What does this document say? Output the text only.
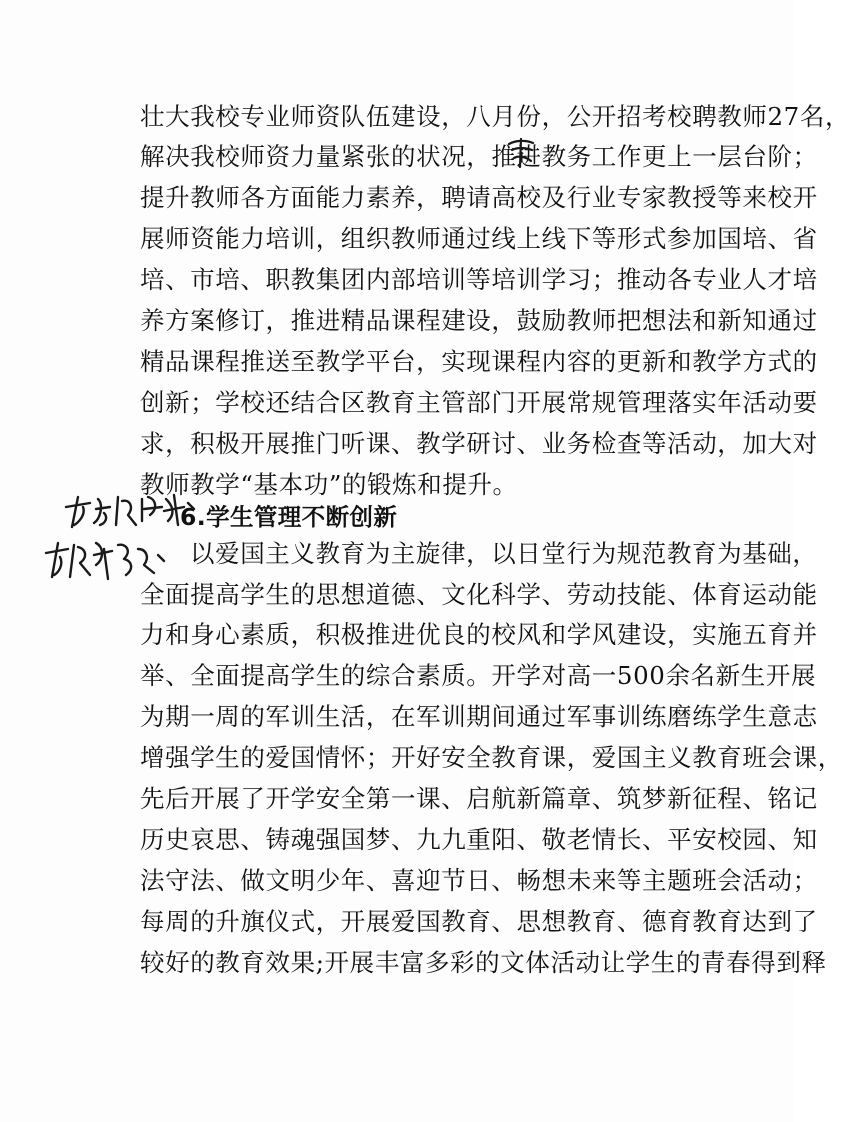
壮大我校专业师资队伍建设，八月份，公开招考校聘教师27名，
解决我校师资力量紧张的状况，推进教务工作更上一层台阶；
提升教师各方面能力素养，聘请高校及行业专家教授等来校开
展师资能力培训，组织教师通过线上线下等形式参加国培、省
培、市培、职教集团内部培训等培训学习；推动各专业人才培
养方案修订，推进精品课程建设，鼓励教师把想法和新知通过
精品课程推送至教学平台，实现课程内容的更新和教学方式的
创新；学校还结合区教育主管部门开展常规管理落实年活动要
求，积极开展推门听课、教学研讨、业务检查等活动，加大对
教师教学“基本功”的锻炼和提升。
6.学生管理不断创新
以爱国主义教育为主旋律，以日堂行为规范教育为基础，
全面提高学生的思想道德、文化科学、劳动技能、体育运动能
力和身心素质，积极推进优良的校风和学风建设，实施五育并
举、全面提高学生的综合素质。开学对高一500余名新生开展
为期一周的军训生活，在军训期间通过军事训练磨练学生意志
增强学生的爱国情怀；开好安全教育课，爱国主义教育班会课，
先后开展了开学安全第一课、启航新篇章、筑梦新征程、铭记
历史哀思、铸魂强国梦、九九重阳、敬老情长、平安校园、知
法守法、做文明少年、喜迎节日、畅想未来等主题班会活动；
每周的升旗仪式，开展爱国教育、思想教育、德育教育达到了
较好的教育效果;开展丰富多彩的文体活动让学生的青春得到释
